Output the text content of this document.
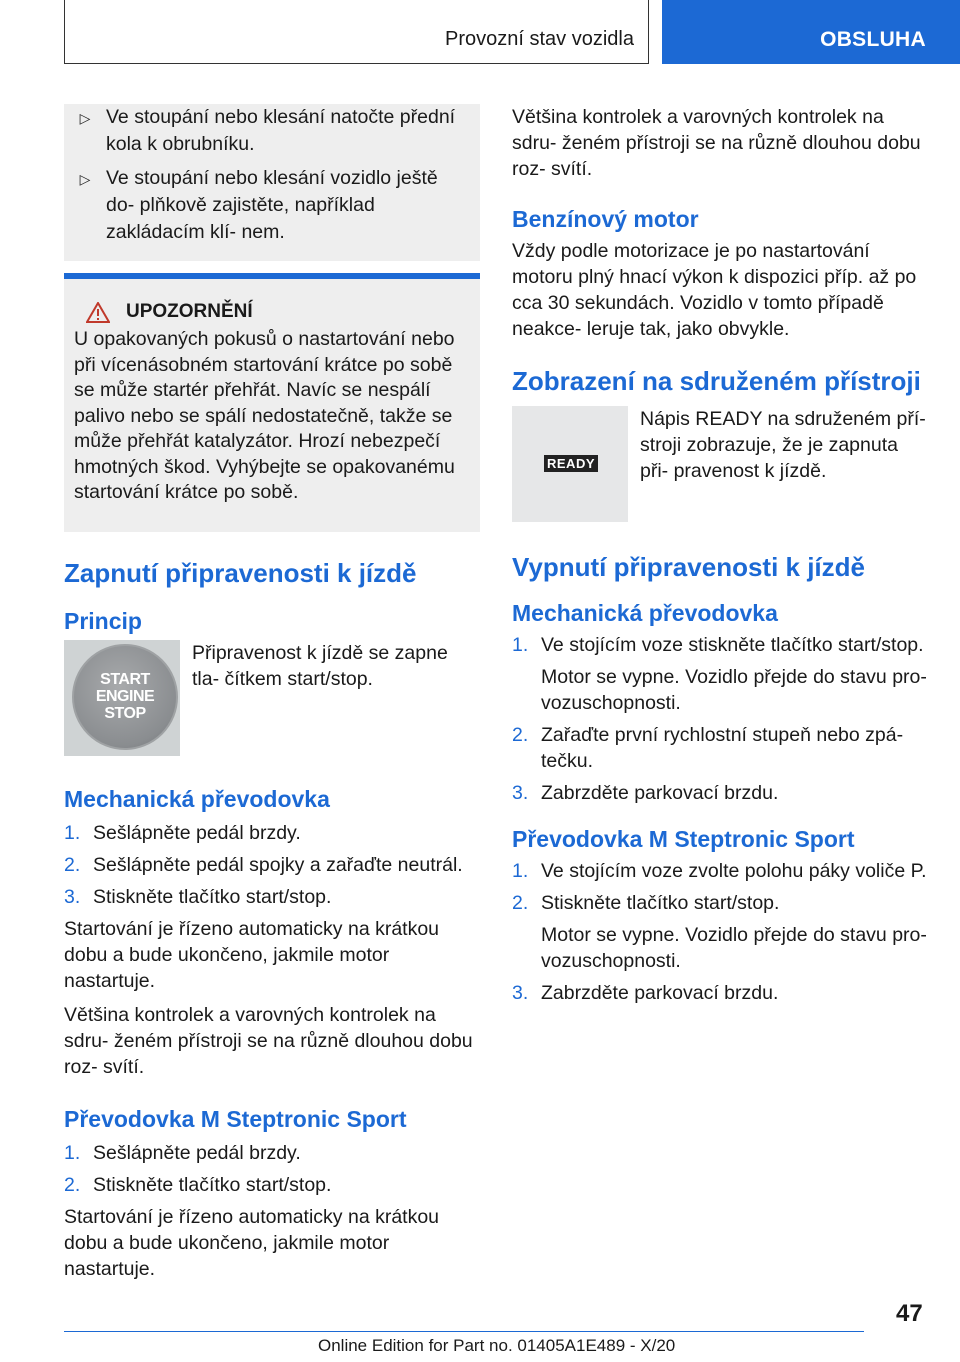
Provozní stav vozidla	OBSLUHA
▷ Ve stoupání nebo klesání natočte přední kola k obrubníku.
▷ Ve stoupání nebo klesání vozidlo ještě do‐ plňkově zajistěte, například zakládacím klí‐ nem.
UPOZORNĚNÍ
U opakovaných pokusů o nastartování nebo při vícenásobném startování krátce po sobě se může startér přehřát. Navíc se nespálí palivo nebo se spálí nedostatečně, takže se může přehřát katalyzátor. Hrozí nebezpečí hmotných škod. Vyhýbejte se opakovanému startování krátce po sobě.
Zapnutí připravenosti k jízdě
Princip
START
ENGINE
STOP

Připravenost k jízdě se zapne tla‐ čítkem start/stop.

Mechanická převodovka
1. Sešlápněte pedál brzdy.
2. Sešlápněte pedál spojky a zařaďte neutrál.
3. Stiskněte tlačítko start/stop.

Startování je řízeno automaticky na krátkou dobu a bude ukončeno, jakmile motor nastartuje.

Většina kontrolek a varovných kontrolek na sdru‐ ženém přístroji se na různě dlouhou dobu roz‐ svítí.

Převodovka M Steptronic Sport
1. Sešlápněte pedál brzdy.
2. Stiskněte tlačítko start/stop.

Startování je řízeno automaticky na krátkou dobu a bude ukončeno, jakmile motor nastartuje.

Většina kontrolek a varovných kontrolek na sdru‐ ženém přístroji se na různě dlouhou dobu roz‐ svítí.

Benzínový motor

Vždy podle motorizace je po nastartování motoru plný hnací výkon k dispozici příp. až po cca 30 sekundách. Vozidlo v tomto případě neakce‐ leruje tak, jako obvykle.

Zobrazení na sdruženém přístroji
READY

Nápis READY na sdruženém pří‐ stroji zobrazuje, že je zapnuta při‐ pravenost k jízdě.

Vypnutí připravenosti k jízdě
Mechanická převodovka
1. Ve stojícím voze stiskněte tlačítko start/stop.
Motor se vypne. Vozidlo přejde do stavu pro‐ vozuschopnosti.
2. Zařaďte první rychlostní stupeň nebo zpá‐ tečku.
3. Zabrzděte parkovací brzdu.
Převodovka M Steptronic Sport
1. Ve stojícím voze zvolte polohu páky voliče P.
2. Stiskněte tlačítko start/stop.
Motor se vypne. Vozidlo přejde do stavu pro‐ vozuschopnosti.
3. Zabrzděte parkovací brzdu.
47
Online Edition for Part no. 01405A1E489 - X/20
